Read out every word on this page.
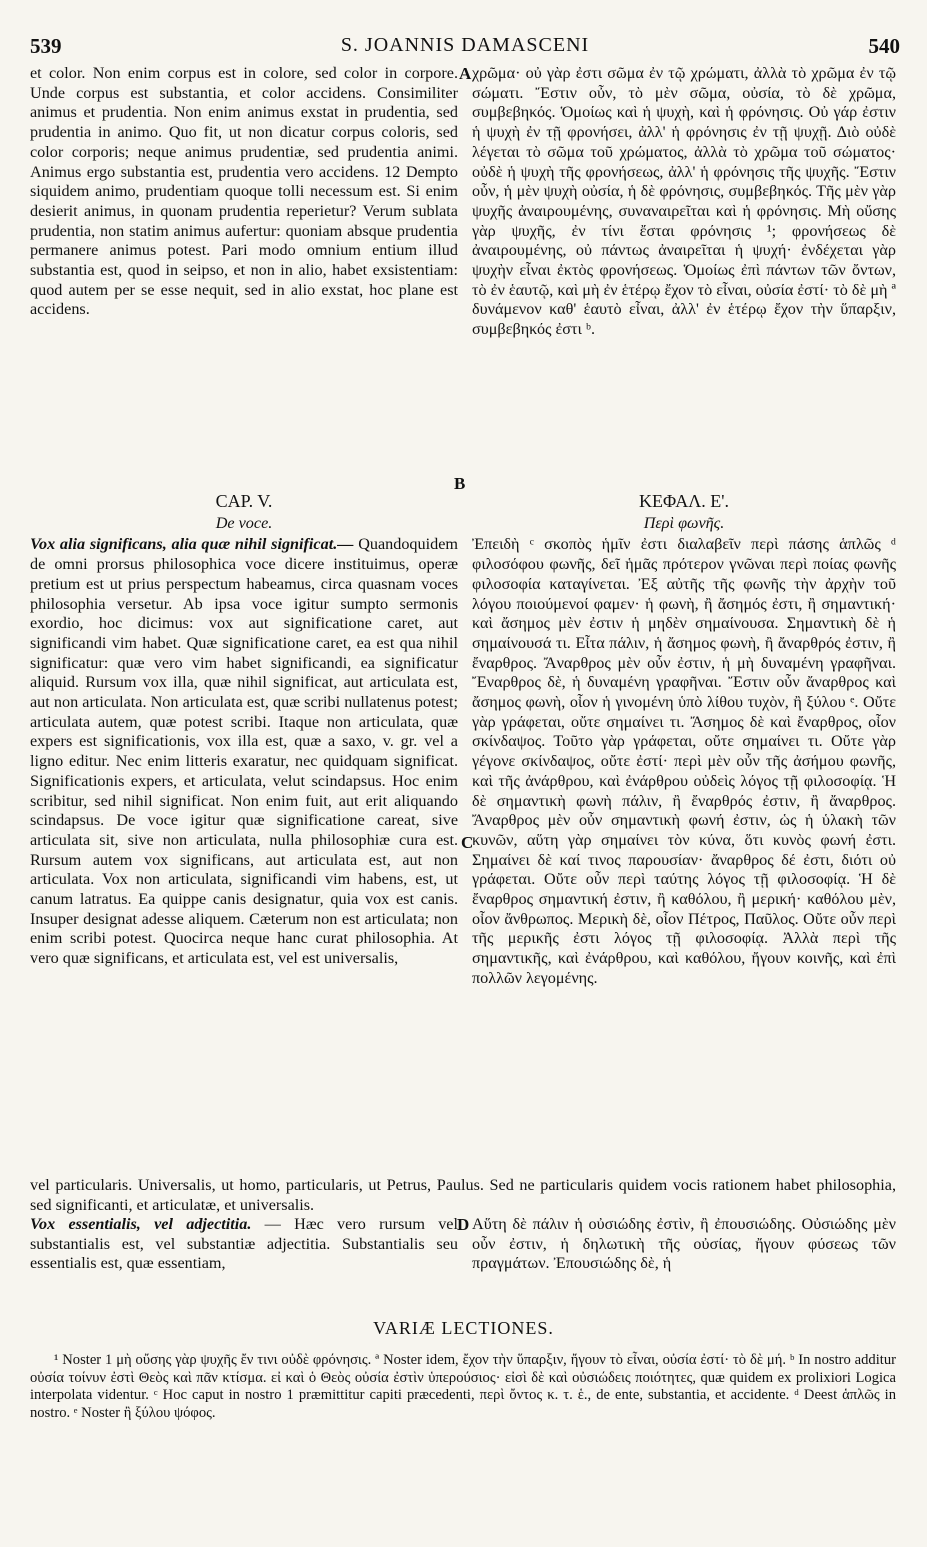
539	S. JOANNIS DAMASCENI	540
A
B
C
D

et color. Non enim corpus est in colore, sed color in corpore. Unde corpus est substantia, et color accidens. Consimiliter animus et prudentia. Non enim animus exstat in prudentia, sed prudentia in animo. Quo fit, ut non dicatur corpus coloris, sed color corporis; neque animus prudentiæ, sed prudentia animi. Animus ergo substantia est, prudentia vero accidens. 12 Dempto siquidem animo, prudentiam quoque tolli necessum est. Si enim desierit animus, in quonam prudentia reperietur? Verum sublata prudentia, non statim animus aufertur: quoniam absque prudentia permanere animus potest. Pari modo omnium entium illud substantia est, quod in seipso, et non in alio, habet exsistentiam: quod autem per se esse nequit, sed in alio exstat, hoc plane est accidens.

CAP. V.
De voce.

Vox alia significans, alia quæ nihil significat.— Quandoquidem de omni prorsus philosophica voce dicere instituimus, operæ pretium est ut prius perspectum habeamus, circa quasnam voces philosophia versetur. Ab ipsa voce igitur sumpto sermonis exordio, hoc dicimus: vox aut significatione caret, aut significandi vim habet. Quæ significatione caret, ea est qua nihil significatur: quæ vero vim habet significandi, ea significatur aliquid. Rursum vox illa, quæ nihil significat, aut articulata est, aut non articulata. Non articulata est, quæ scribi nullatenus potest; articulata autem, quæ potest scribi. Itaque non articulata, quæ expers est significationis, vox illa est, quæ a saxo, v. gr. vel a ligno editur. Nec enim litteris exaratur, nec quidquam significat. Significationis expers, et articulata, velut scindapsus. Hoc enim scribitur, sed nihil significat. Non enim fuit, aut erit aliquando scindapsus. De voce igitur quæ significatione careat, sive articulata sit, sive non articulata, nulla philosophiæ cura est. Rursum autem vox significans, aut articulata est, aut non articulata. Vox non articulata, significandi vim habens, est, ut canum latratus. Ea quippe canis designatur, quia vox est canis. Insuper designat adesse aliquem. Cæterum non est articulata; non enim scribi potest. Quocirca neque hanc curat philosophia. At vero quæ significans, et articulata est, vel est universalis,

χρῶμα· οὐ γὰρ ἐστι σῶμα ἐν τῷ χρώματι, ἀλλὰ τὸ χρῶμα ἐν τῷ σώματι. Ἔστιν οὖν, τὸ μὲν σῶμα, οὐσία, τὸ δὲ χρῶμα, συμβεβηκός. Ὁμοίως καὶ ἡ ψυχὴ, καὶ ἡ φρόνησις. Οὐ γάρ ἐστιν ἡ ψυχὴ ἐν τῇ φρονήσει, ἀλλ' ἡ φρόνησις ἐν τῇ ψυχῇ. Διὸ οὐδὲ λέγεται τὸ σῶμα τοῦ χρώματος, ἀλλὰ τὸ χρῶμα τοῦ σώματος· οὐδὲ ἡ ψυχὴ τῆς φρονήσεως, ἀλλ' ἡ φρόνησις τῆς ψυχῆς. Ἔστιν οὖν, ἡ μὲν ψυχὴ οὐσία, ἡ δὲ φρόνησις, συμβεβηκός. Τῆς μὲν γὰρ ψυχῆς ἀναιρουμένης, συναναιρεῖται καὶ ἡ φρόνησις. Μὴ οὔσης γὰρ ψυχῆς, ἐν τίνι ἔσται φρόνησις ¹; φρονήσεως δὲ ἀναιρουμένης, οὐ πάντως ἀναιρεῖται ἡ ψυχή· ἐνδέχεται γὰρ ψυχὴν εἶναι ἐκτὸς φρονήσεως. Ὁμοίως ἐπὶ πάντων τῶν ὄντων, τὸ ἐν ἑαυτῷ, καὶ μὴ ἐν ἑτέρῳ ἔχον τὸ εἶναι, οὐσία ἐστί· τὸ δὲ μὴ ª δυνάμενον καθ' ἑαυτὸ εἶναι, ἀλλ' ἐν ἑτέρῳ ἔχον τὴν ὕπαρξιν, συμβεβηκός ἐστι ᵇ.

ΚΕΦΑΛ. Ε'.
Περὶ φωνῆς.

Ἐπειδὴ ᶜ σκοπὸς ἡμῖν ἐστι διαλαβεῖν περὶ πάσης ἁπλῶς ᵈ φιλοσόφου φωνῆς, δεῖ ἡμᾶς πρότερον γνῶναι περὶ ποίας φωνῆς φιλοσοφία καταγίνεται. Ἐξ αὐτῆς τῆς φωνῆς τὴν ἀρχὴν τοῦ λόγου ποιούμενοί φαμεν· ἡ φωνὴ, ἢ ἄσημός ἐστι, ἢ σημαντική· καὶ ἄσημος μὲν ἐστιν ἡ μηδὲν σημαίνουσα. Σημαντικὴ δὲ ἡ σημαίνουσά τι. Εἶτα πάλιν, ἡ ἄσημος φωνὴ, ἢ ἄναρθρός ἐστιν, ἢ ἔναρθρος. Ἄναρθρος μὲν οὖν ἐστιν, ἡ μὴ δυναμένη γραφῆναι. Ἔναρθρος δὲ, ἡ δυναμένη γραφῆναι. Ἔστιν οὖν ἄναρθρος καὶ ἄσημος φωνὴ, οἷον ἡ γινομένη ὑπὸ λίθου τυχὸν, ἢ ξύλου ᵉ. Οὔτε γὰρ γράφεται, οὔτε σημαίνει τι. Ἄσημος δὲ καὶ ἔναρθρος, οἷον σκίνδαψος. Τοῦτο γὰρ γράφεται, οὔτε σημαίνει τι. Οὔτε γὰρ γέγονε σκίνδαψος, οὔτε ἐστί· περὶ μὲν οὖν τῆς ἀσήμου φωνῆς, καὶ τῆς ἀνάρθρου, καὶ ἐνάρθρου οὐδεὶς λόγος τῇ φιλοσοφίᾳ. Ἡ δὲ σημαντικὴ φωνὴ πάλιν, ἢ ἔναρθρός ἐστιν, ἢ ἄναρθρος. Ἄναρθρος μὲν οὖν σημαντικὴ φωνή ἐστιν, ὡς ἡ ὑλακὴ τῶν κυνῶν, αὕτη γὰρ σημαίνει τὸν κύνα, ὅτι κυνὸς φωνή ἐστι. Σημαίνει δὲ καί τινος παρουσίαν· ἄναρθρος δέ ἐστι, διότι οὐ γράφεται. Οὔτε οὖν περὶ ταύτης λόγος τῇ φιλοσοφίᾳ. Ἡ δὲ ἔναρθρος σημαντική ἐστιν, ἢ καθόλου, ἢ μερική· καθόλου μὲν, οἷον ἄνθρωπος. Μερικὴ δὲ, οἷον Πέτρος, Παῦλος. Οὔτε οὖν περὶ τῆς μερικῆς ἐστι λόγος τῇ φιλοσοφίᾳ. Ἀλλὰ περὶ τῆς σημαντικῆς, καὶ ἐνάρθρου, καὶ καθόλου, ἤγουν κοινῆς, καὶ ἐπὶ πολλῶν λεγομένης.

vel particularis. Universalis, ut homo, particularis, ut Petrus, Paulus. Sed ne particularis quidem vocis rationem habet philosophia, sed significanti, et articulatæ, et universalis.

Vox essentialis, vel adjectitia. — Hæc vero rursum vel substantialis est, vel substantiæ adjectitia. Substantialis seu essentialis est, quæ essentiam,

Αὕτη δὲ πάλιν ἡ οὐσιώδης ἐστὶν, ἢ ἐπουσιώδης. Οὐσιώδης μὲν οὖν ἐστιν, ἡ δηλωτικὴ τῆς οὐσίας, ἤγουν φύσεως τῶν πραγμάτων. Ἐπουσιώδης δὲ, ἡ

VARIÆ LECTIONES.

¹ Noster 1 μὴ οὔσης γὰρ ψυχῆς ἔν τινι οὐδὲ φρόνησις. ª Noster idem, ἔχον τὴν ὕπαρξιν, ἤγουν τὸ εἶναι, οὐσία ἐστί· τὸ δὲ μή. ᵇ In nostro additur οὐσία τοίνυν ἐστὶ Θεὸς καὶ πᾶν κτίσμα. εἰ καὶ ὁ Θεὸς οὐσία ἐστὶν ὑπερούσιος· εἰσὶ δὲ καὶ οὐσιώδεις ποιότητες, quæ quidem ex prolixiori Logica interpolata videntur. ᶜ Hoc caput in nostro 1 præmittitur capiti præcedenti, περὶ ὄντος κ. τ. ἑ., de ente, substantia, et accidente. ᵈ Deest ἁπλῶς in nostro. ᵉ Noster ἢ ξύλου ψόφος.
